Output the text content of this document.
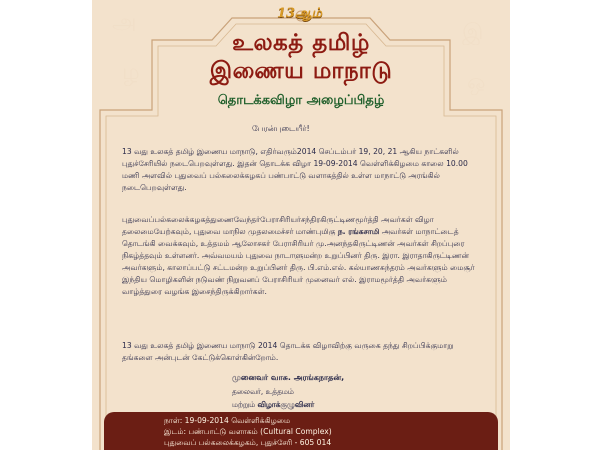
அ	இ
ழ	ஒ
13ஆம்
உலகத் தமிழ்
இணைய மாநாடு
தொடக்கவிழா அழைப்பிதழ்
பேரன்புடையீர்!
13 வது உலகத் தமிழ் இணைய மாநாடு, எதிர்வரும்2014 செப்டம்பர் 19, 20, 21 ஆகிய நாட்களில் புதுச்சேரியில் நடைபெறவுள்ளது. இதன் தொடக்க விழா 19-09-2014 வெள்ளிக்கிழமை காலை 10.00 மணி அளவில் புதுவைப் பல்கலைக்கழகப் பண்பாட்டு வளாகத்தில் உள்ள மாநாட்டு அரங்கில் நடைபெறவுள்ளது.
புதுவைப்பல்கலைக்கழகத்துணைவேந்தர்பேராசிரியர்சந்திரகிருட்டிணமூர்த்தி அவர்கள் விழா தலைமையேற்கவும், புதுவை மாநில முதலமைச்சர் மாண்புமிகு ந. ரங்கசாமி அவர்கள் மாநாட்டைத் தொடங்கி வைக்கவும், உத்தமம் ஆலோசகர் பேராசிரியர் மு.அனந்தகிருட்டிணன் அவர்கள் சிறப்புரை நிகழ்த்தவும் உள்ளனர். அவ்வமயம் புதுவை நாடாளுமன்ற உறுப்பினர் திரு. இரா. இராதாகிருட்டிணன் அவர்களும், காலாப்பட்டு சட்டமன்ற உறுப்பினர் திரு. பி.எம்.எல். கல்யாணசுந்தரம் அவர்களும் மைசூர் இந்திய மொழிகளின் நடுவண் நிறுவனப் பேராசிரியர் முனைவர் எல். இராமமூர்த்தி அவர்களும் வாழ்த்துரை வழங்க இசைந்திருக்கிறார்கள்.
13 வது உலகத் தமிழ் இணைய மாநாடு 2014 தொடக்க விழாவிற்கு வருகை தந்து சிறப்பிக்குமாறு தங்களை அன்புடன் கேட்டுக்கொள்கின்றோம்.
முனைவர் வாசு. அரங்கநாதன்,
தலைவர், உத்தமம்
மற்றும் விழாக்குழுவினர்
நாள்: 19-09-2014 வெள்ளிக்கிழமை
இடம்: பண்பாட்டு வளாகம் (Cultural Complex)
புதுவைப் பல்கலைக்கழகம், புதுச்சேரி - 605 014
